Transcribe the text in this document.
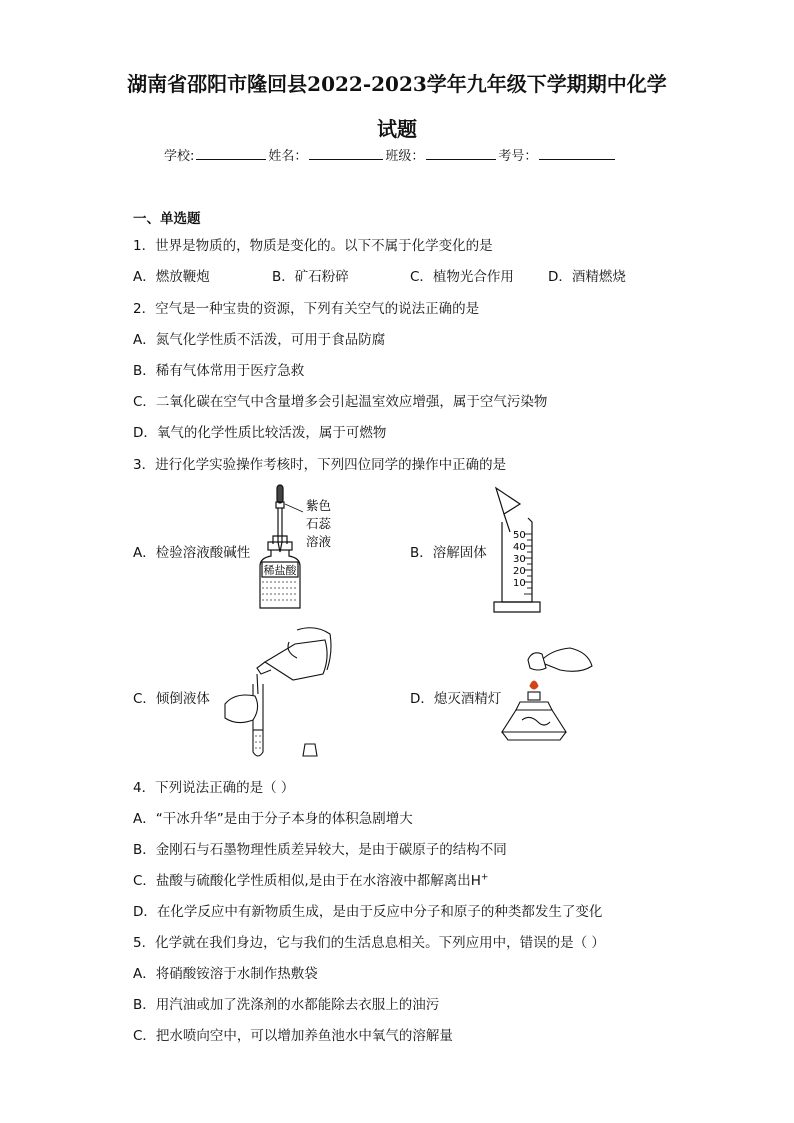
湖南省邵阳市隆回县2022-2023学年九年级下学期期中化学
试题
学校:	姓名：	班级：	考号：
一、单选题
1．世界是物质的，物质是变化的。以下不属于化学变化的是
A．燃放鞭炮	B．矿石粉碎	C．植物光合作用	D．酒精燃烧
2．空气是一种宝贵的资源，下列有关空气的说法正确的是
A．氮气化学性质不活泼，可用于食品防腐
B．稀有气体常用于医疗急救
C．二氧化碳在空气中含量增多会引起温室效应增强，属于空气污染物
D．氧气的化学性质比较活泼，属于可燃物
3．进行化学实验操作考核时，下列四位同学的操作中正确的是
A．检验溶液酸碱性	B．溶解固体
C．倾倒液体	D．熄灭酒精灯
稀盐酸
紫色
石蕊
溶液	50
40
30
20
10
4．下列说法正确的是（ ）
A．“干冰升华”是由于分子本身的体积急剧增大
B．金刚石与石墨物理性质差异较大，是由于碳原子的结构不同
C．盐酸与硫酸化学性质相似,是由于在水溶液中都解离出H+
D．在化学反应中有新物质生成，是由于反应中分子和原子的种类都发生了变化
5．化学就在我们身边，它与我们的生活息息相关。下列应用中，错误的是（ ）
A．将硝酸铵溶于水制作热敷袋
B．用汽油或加了洗涤剂的水都能除去衣服上的油污
C．把水喷向空中，可以增加养鱼池水中氧气的溶解量
